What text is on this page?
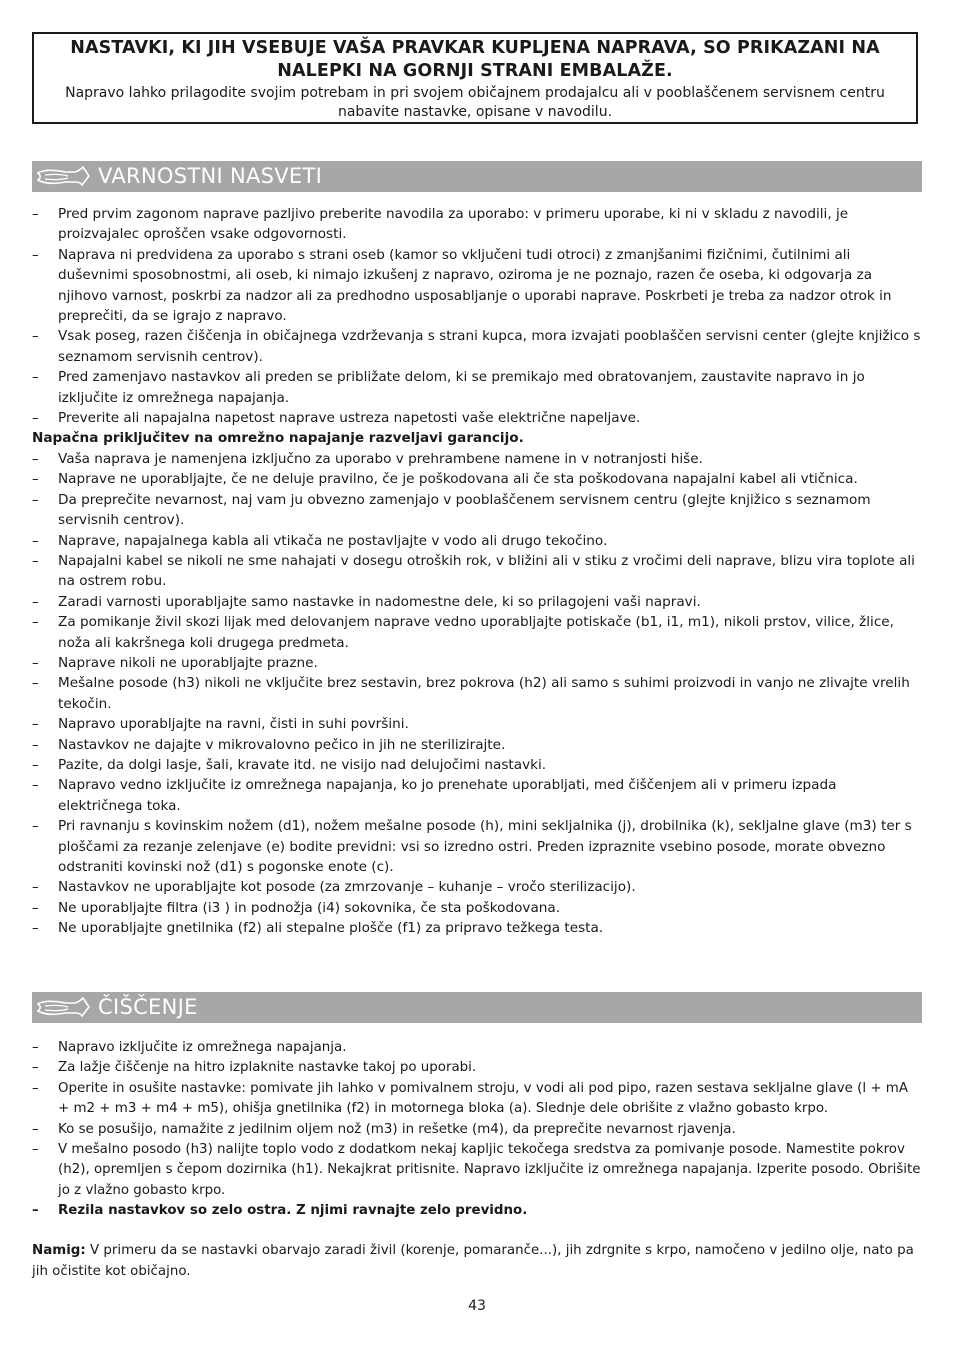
NASTAVKI, KI JIH VSEBUJE VAŠA PRAVKAR KUPLJENA NAPRAVA, SO PRIKAZANI NA NALEPKI NA GORNJI STRANI EMBALAŽE.
Napravo lahko prilagodite svojim potrebam in pri svojem običajnem prodajalcu ali v pooblaščenem servisnem centru nabavite nastavke, opisane v navodilu.
VARNOSTNI NASVETI
– Pred prvim zagonom naprave pazljivo preberite navodila za uporabo: v primeru uporabe, ki ni v skladu z navodili, je proizvajalec oproščen vsake odgovornosti.
– Naprava ni predvidena za uporabo s strani oseb (kamor so vključeni tudi otroci) z zmanjšanimi fizičnimi, čutilnimi ali duševnimi sposobnostmi, ali oseb, ki nimajo izkušenj z napravo, oziroma je ne poznajo, razen če oseba, ki odgovarja za njihovo varnost, poskrbi za nadzor ali za predhodno usposabljanje o uporabi naprave. Poskrbeti je treba za nadzor otrok in preprečiti, da se igrajo z napravo.
– Vsak poseg, razen čiščenja in običajnega vzdrževanja s strani kupca, mora izvajati pooblaščen servisni center (glejte knjižico s seznamom servisnih centrov).
– Pred zamenjavo nastavkov ali preden se približate delom, ki se premikajo med obratovanjem, zaustavite napravo in jo izključite iz omrežnega napajanja.
– Preverite ali napajalna napetost naprave ustreza napetosti vaše električne napeljave.
Napačna priključitev na omrežno napajanje razveljavi garancijo.
– Vaša naprava je namenjena izključno za uporabo v prehrambene namene in v notranjosti hiše.
– Naprave ne uporabljajte, če ne deluje pravilno, če je poškodovana ali če sta poškodovana napajalni kabel ali vtičnica.
– Da preprečite nevarnost, naj vam ju obvezno zamenjajo v pooblaščenem servisnem centru (glejte knjižico s seznamom servisnih centrov).
– Naprave, napajalnega kabla ali vtikača ne postavljajte v vodo ali drugo tekočino.
– Napajalni kabel se nikoli ne sme nahajati v dosegu otroških rok, v bližini ali v stiku z vročimi deli naprave, blizu vira toplote ali na ostrem robu.
– Zaradi varnosti uporabljajte samo nastavke in nadomestne dele, ki so prilagojeni vaši napravi.
– Za pomikanje živil skozi lijak med delovanjem naprave vedno uporabljajte potiskače (b1, i1, m1), nikoli prstov, vilice, žlice, noža ali kakršnega koli drugega predmeta.
– Naprave nikoli ne uporabljajte prazne.
– Mešalne posode (h3) nikoli ne vključite brez sestavin, brez pokrova (h2) ali samo s suhimi proizvodi in vanjo ne zlivajte vrelih tekočin.
– Napravo uporabljajte na ravni, čisti in suhi površini.
– Nastavkov ne dajajte v mikrovalovno pečico in jih ne sterilizirajte.
– Pazite, da dolgi lasje, šali, kravate itd. ne visijo nad delujočimi nastavki.
– Napravo vedno izključite iz omrežnega napajanja, ko jo prenehate uporabljati, med čiščenjem ali v primeru izpada električnega toka.
– Pri ravnanju s kovinskim nožem (d1), nožem mešalne posode (h), mini sekljalnika (j), drobilnika (k), sekljalne glave (m3) ter s ploščami za rezanje zelenjave (e) bodite previdni: vsi so izredno ostri. Preden izpraznite vsebino posode, morate obvezno odstraniti kovinski nož (d1) s pogonske enote (c).
– Nastavkov ne uporabljajte kot posode (za zmrzovanje – kuhanje – vročo sterilizacijo).
– Ne uporabljajte filtra (i3 ) in podnožja (i4) sokovnika, če sta poškodovana.
– Ne uporabljajte gnetilnika (f2) ali stepalne plošče (f1) za pripravo težkega testa.
ČIŠČENJE
– Napravo izključite iz omrežnega napajanja.
– Za lažje čiščenje na hitro izplaknite nastavke takoj po uporabi.
– Operite in osušite nastavke: pomivate jih lahko v pomivalnem stroju, v vodi ali pod pipo, razen sestava sekljalne glave (l + mA + m2 + m3 + m4 + m5), ohišja gnetilnika (f2) in motornega bloka (a). Slednje dele obrišite z vlažno gobasto krpo.
– Ko se posušijo, namažite z jedilnim oljem nož (m3) in rešetke (m4), da preprečite nevarnost rjavenja.
– V mešalno posodo (h3) nalijte toplo vodo z dodatkom nekaj kapljic tekočega sredstva za pomivanje posode. Namestite pokrov (h2), opremljen s čepom dozirnika (h1). Nekajkrat pritisnite. Napravo izključite iz omrežnega napajanja. Izperite posodo. Obrišite jo z vlažno gobasto krpo.
– Rezila nastavkov so zelo ostra. Z njimi ravnajte zelo previdno.
Namig: V primeru da se nastavki obarvajo zaradi živil (korenje, pomaranče...), jih zdrgnite s krpo, namočeno v jedilno olje, nato pa jih očistite kot običajno.
43
